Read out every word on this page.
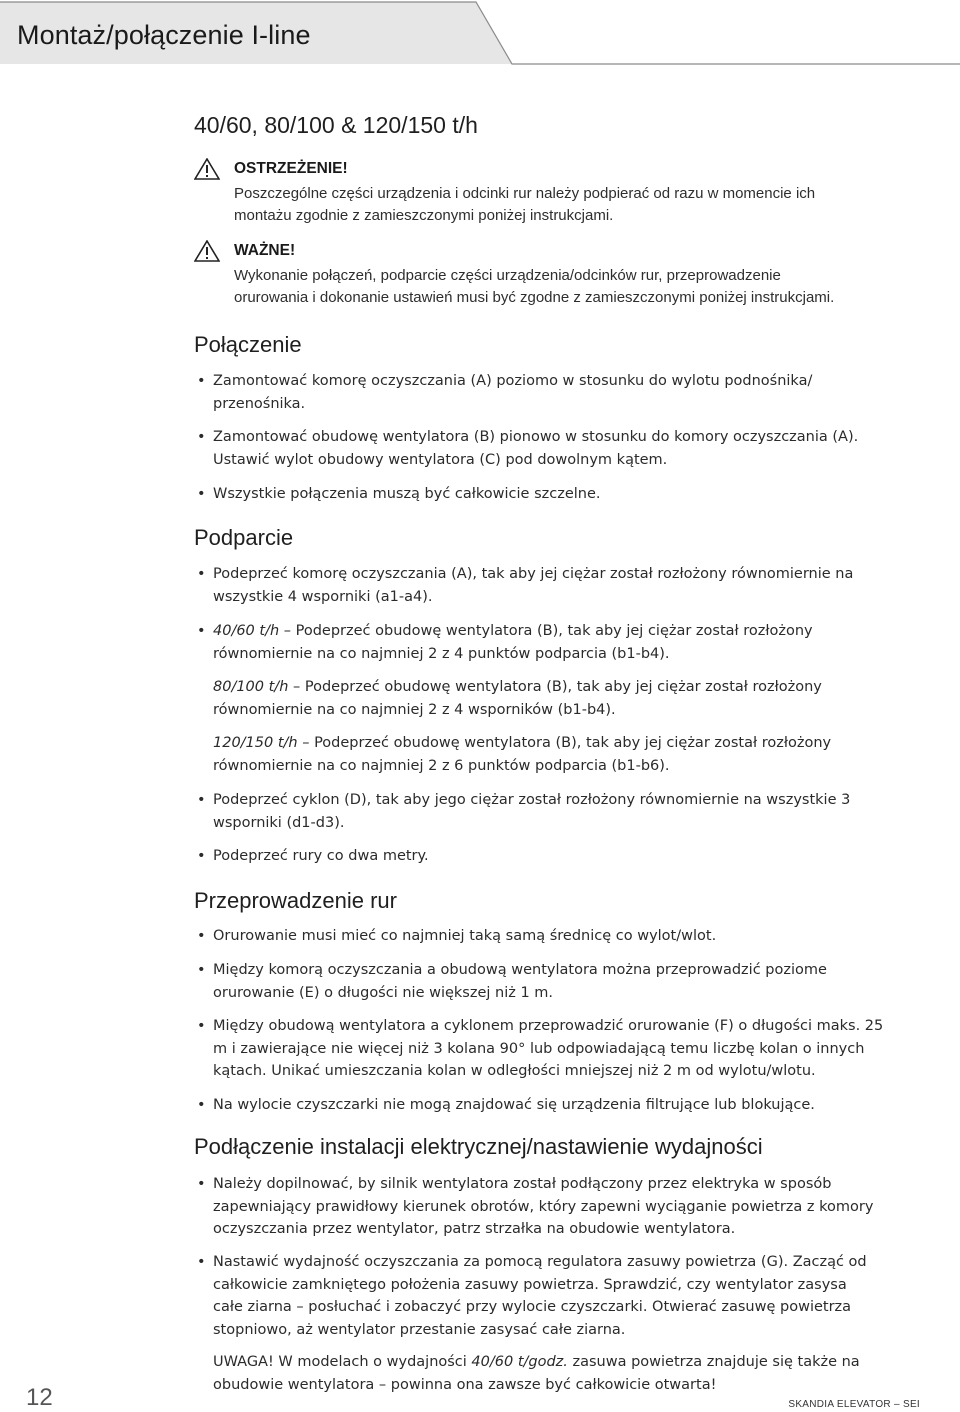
Montaż/połączenie I-line
40/60, 80/100 & 120/150 t/h
OSTRZEŻENIE!
Poszczególne części urządzenia i odcinki rur należy podpierać od razu w momencie ich
montażu zgodnie z zamieszczonymi poniżej instrukcjami.
WAŻNE!
Wykonanie połączeń, podparcie części urządzenia/odcinków rur, przeprowadzenie
orurowania i dokonanie ustawień musi być zgodne z zamieszczonymi poniżej instrukcjami.
Połączenie
• Zamontować komorę oczyszczania (A) poziomo w stosunku do wylotu podnośnika/
przenośnika.
• Zamontować obudowę wentylatora (B) pionowo w stosunku do komory oczyszczania (A).
Ustawić wylot obudowy wentylatora (C) pod dowolnym kątem.
• Wszystkie połączenia muszą być całkowicie szczelne.
Podparcie
• Podeprzeć komorę oczyszczania (A), tak aby jej ciężar został rozłożony równomiernie na
wszystkie 4 wsporniki (a1-a4).
• 40/60 t/h – Podeprzeć obudowę wentylatora (B), tak aby jej ciężar został rozłożony
równomiernie na co najmniej 2 z 4 punktów podparcia (b1-b4).
80/100 t/h – Podeprzeć obudowę wentylatora (B), tak aby jej ciężar został rozłożony
równomiernie na co najmniej 2 z 4 wsporników (b1-b4).
120/150 t/h – Podeprzeć obudowę wentylatora (B), tak aby jej ciężar został rozłożony
równomiernie na co najmniej 2 z 6 punktów podparcia (b1-b6).
• Podeprzeć cyklon (D), tak aby jego ciężar został rozłożony równomiernie na wszystkie 3
wsporniki (d1-d3).
• Podeprzeć rury co dwa metry.
Przeprowadzenie rur
• Orurowanie musi mieć co najmniej taką samą średnicę co wylot/wlot.
• Między komorą oczyszczania a obudową wentylatora można przeprowadzić poziome
orurowanie (E) o długości nie większej niż 1 m.
• Między obudową wentylatora a cyklonem przeprowadzić orurowanie (F) o długości maks. 25
m i zawierające nie więcej niż 3 kolana 90° lub odpowiadającą temu liczbę kolan o innych
kątach. Unikać umieszczania kolan w odległości mniejszej niż 2 m od wylotu/wlotu.
• Na wylocie czyszczarki nie mogą znajdować się urządzenia filtrujące lub blokujące.
Podłączenie instalacji elektrycznej/nastawienie wydajności
• Należy dopilnować, by silnik wentylatora został podłączony przez elektryka w sposób
zapewniający prawidłowy kierunek obrotów, który zapewni wyciąganie powietrza z komory
oczyszczania przez wentylator, patrz strzałka na obudowie wentylatora.
• Nastawić wydajność oczyszczania za pomocą regulatora zasuwy powietrza (G). Zacząć od
całkowicie zamkniętego położenia zasuwy powietrza. Sprawdzić, czy wentylator zasysa
całe ziarna – posłuchać i zobaczyć przy wylocie czyszczarki. Otwierać zasuwę powietrza
stopniowo, aż wentylator przestanie zasysać całe ziarna.
UWAGA! W modelach o wydajności 40/60 t/godz. zasuwa powietrza znajduje się także na
obudowie wentylatora – powinna ona zawsze być całkowicie otwarta!
12	SKANDIA ELEVATOR – SEI
